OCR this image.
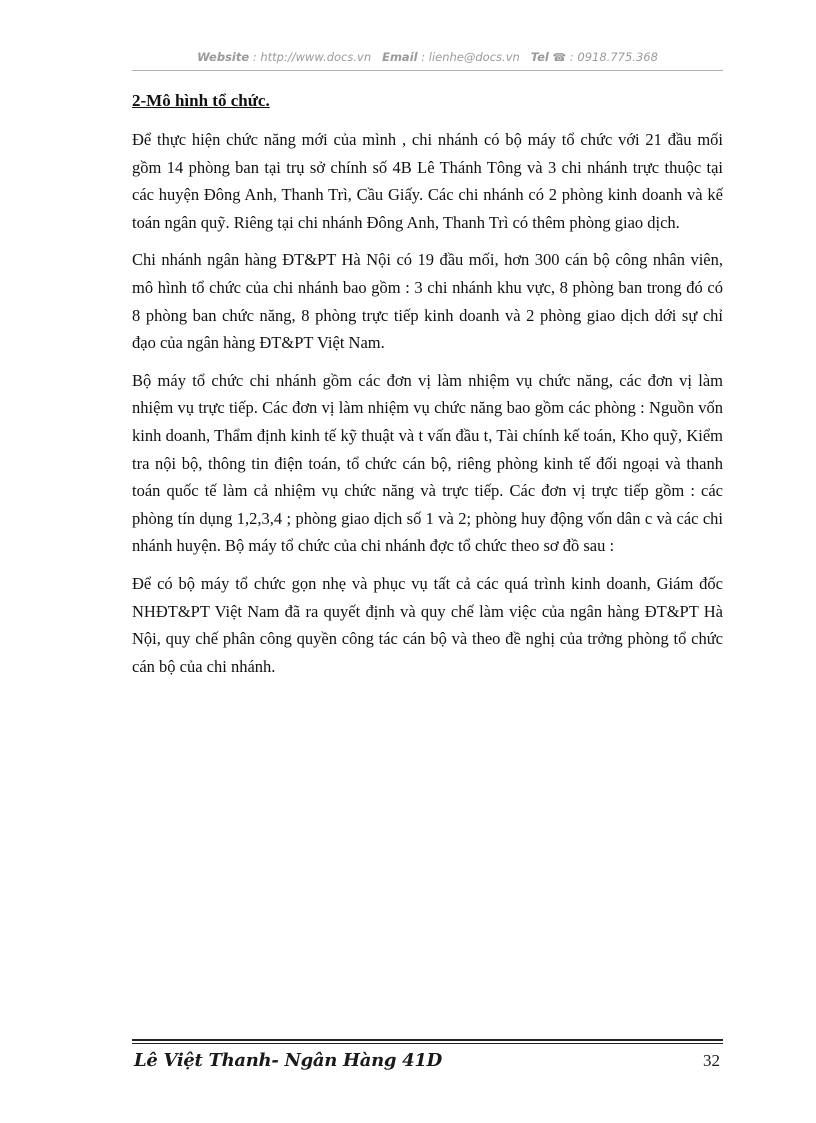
Website : http://www.docs.vn Email : lienhe@docs.vn Tel ☎ : 0918.775.368
2-Mô hình tổ chức.

Để thực hiện chức năng mới của mình , chi nhánh có bộ máy tổ chức với 21 đầu mối gồm 14 phòng ban tại trụ sở chính số 4B Lê Thánh Tông và 3 chi nhánh trực thuộc tại các huyện Đông Anh, Thanh Trì, Cầu Giấy. Các chi nhánh có 2 phòng kinh doanh và kế toán ngân quỹ. Riêng tại chi nhánh Đông Anh, Thanh Trì có thêm phòng giao dịch.

Chi nhánh ngân hàng ĐT&PT Hà Nội có 19 đầu mối, hơn 300 cán bộ công nhân viên, mô hình tổ chức của chi nhánh bao gồm : 3 chi nhánh khu vực, 8 phòng ban trong đó có 8 phòng ban chức năng, 8 phòng trực tiếp kinh doanh và 2 phòng giao dịch dới sự chỉ đạo của ngân hàng ĐT&PT Việt Nam.

Bộ máy tổ chức chi nhánh gồm các đơn vị làm nhiệm vụ chức năng, các đơn vị làm nhiệm vụ trực tiếp. Các đơn vị làm nhiệm vụ chức năng bao gồm các phòng : Nguồn vốn kinh doanh, Thẩm định kinh tế kỹ thuật và t vấn đầu t, Tài chính kế toán, Kho quỹ, Kiểm tra nội bộ, thông tin điện toán, tổ chức cán bộ, riêng phòng kinh tế đối ngoại và thanh toán quốc tế làm cả nhiệm vụ chức năng và trực tiếp. Các đơn vị trực tiếp gồm : các phòng tín dụng 1,2,3,4 ; phòng giao dịch số 1 và 2; phòng huy động vốn dân c và các chi nhánh huyện. Bộ máy tổ chức của chi nhánh đợc tổ chức theo sơ đồ sau :

Để có bộ máy tổ chức gọn nhẹ và phục vụ tất cả các quá trình kinh doanh, Giám đốc NHĐT&PT Việt Nam đã ra quyết định và quy chế làm việc của ngân hàng ĐT&PT Hà Nội, quy chế phân công quyền công tác cán bộ và theo đề nghị của trởng phòng tổ chức cán bộ của chi nhánh.

Lê Việt Thanh- Ngân Hàng 41D	32
